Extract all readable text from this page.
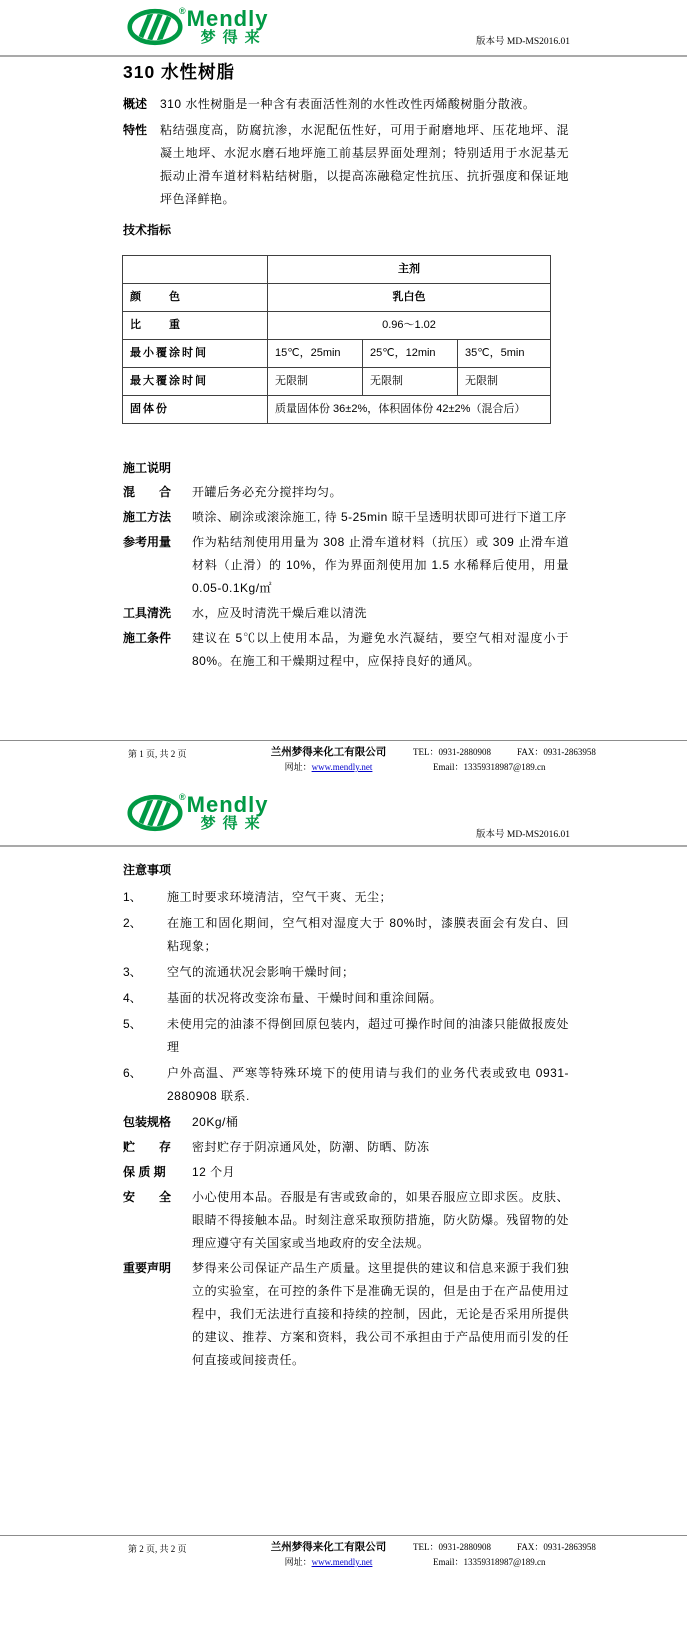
® Mendly
梦得来	版本号 MD-MS2016.01
310 水性树脂
概述	310 水性树脂是一种含有表面活性剂的水性改性丙烯酸树脂分散液。
特性	粘结强度高，防腐抗渗，水泥配伍性好，可用于耐磨地坪、压花地坪、混凝土地坪、水泥水磨石地坪施工前基层界面处理剂；特别适用于水泥基无振动止滑车道材料粘结树脂，以提高冻融稳定性抗压、抗折强度和保证地坪色泽鲜艳。
技术指标
	主剂		
颜　　色	乳白色		
比　　重	0.96～1.02		
最小覆涂时间	15℃，25min	25℃，12min	35℃，5min
最大覆涂时间	无限制	无限制	无限制
固体份	质量固体份 36±2%，体积固体份 42±2%（混合后）		
施工说明
混　　合	开罐后务必充分搅拌均匀。
施工方法	喷涂、刷涂或滚涂施工, 待 5-25min 晾干呈透明状即可进行下道工序
参考用量	作为粘结剂使用用量为 308 止滑车道材料（抗压）或 309 止滑车道材料（止滑）的 10%，作为界面剂使用加 1.5 水稀释后使用，用量 0.05-0.1Kg/㎡
工具清洗	水，应及时清洗干燥后难以清洗
施工条件	建议在 5℃以上使用本品，为避免水汽凝结，要空气相对湿度小于 80%。在施工和干燥期过程中，应保持良好的通风。
第 1 页, 共 2 页	兰州梦得来化工有限公司
网址：www.mendly.net
TEL：0931-2880908	FAX：0931-2863958
Email：13359318987@189.cn
® Mendly
梦得来
版本号 MD-MS2016.01
注意事项
1、	施工时要求环境清洁，空气干爽、无尘；
2、	在施工和固化期间，空气相对湿度大于 80%时，漆膜表面会有发白、回粘现象；
3、	空气的流通状况会影响干燥时间；
4、	基面的状况将改变涂布量、干燥时间和重涂间隔。
5、	未使用完的油漆不得倒回原包装内，超过可操作时间的油漆只能做报废处理
6、	户外高温、严寒等特殊环境下的使用请与我们的业务代表或致电 0931-2880908 联系.
包装规格	20Kg/桶
贮　　存	密封贮存于阴凉通风处，防潮、防晒、防冻
保 质 期	12 个月
安　　全	小心使用本品。吞服是有害或致命的，如果吞服应立即求医。皮肤、眼睛不得接触本品。时刻注意采取预防措施，防火防爆。残留物的处理应遵守有关国家或当地政府的安全法规。
重要声明	梦得来公司保证产品生产质量。这里提供的建议和信息来源于我们独立的实验室，在可控的条件下是准确无误的，但是由于在产品使用过程中，我们无法进行直接和持续的控制，因此，无论是否采用所提供的建议、推荐、方案和资料，我公司不承担由于产品使用而引发的任何直接或间接责任。
第 2 页, 共 2 页	兰州梦得来化工有限公司
网址：www.mendly.net
TEL：0931-2880908	FAX：0931-2863958
Email：13359318987@189.cn
